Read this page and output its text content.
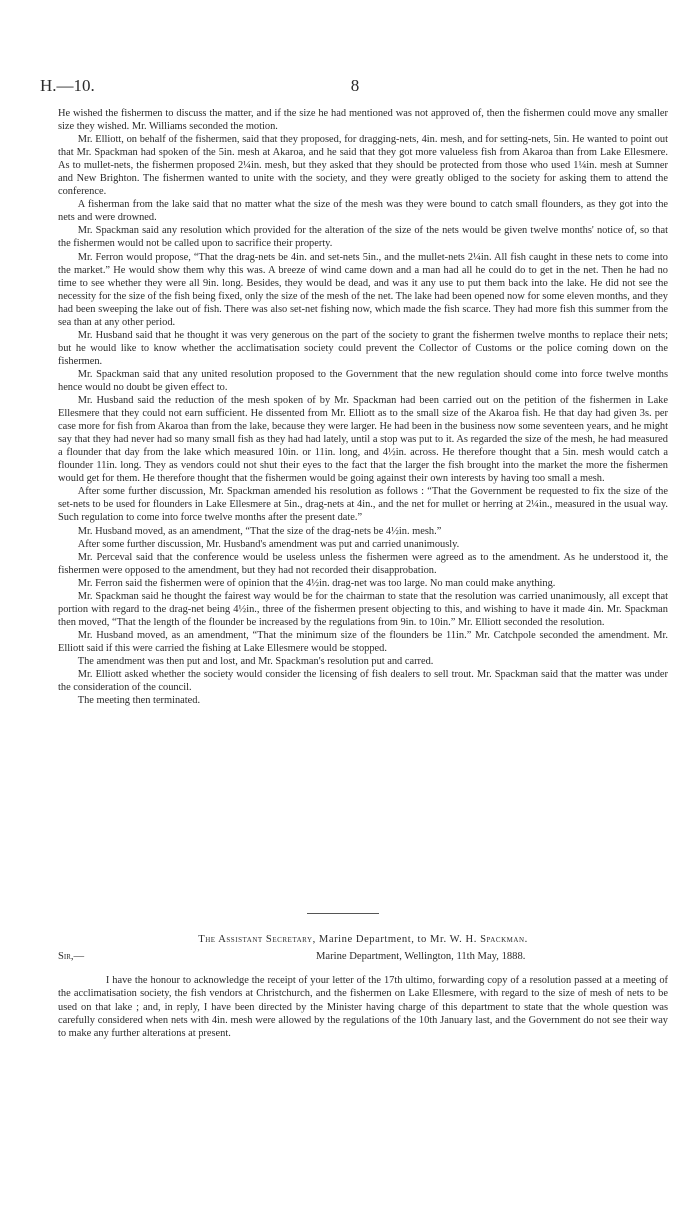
H.—10.	8

He wished the fishermen to discuss the matter, and if the size he had mentioned was not approved of, then the fishermen could move any smaller size they wished. Mr. Williams seconded the motion.

Mr. Elliott, on behalf of the fishermen, said that they proposed, for dragging-nets, 4in. mesh, and for setting-nets, 5in. He wanted to point out that Mr. Spackman had spoken of the 5in. mesh at Akaroa, and he said that they got more valueless fish from Akaroa than from Lake Ellesmere. As to mullet-nets, the fishermen proposed 2¼in. mesh, but they asked that they should be protected from those who used 1¼in. mesh at Sumner and New Brighton. The fishermen wanted to unite with the society, and they were greatly obliged to the society for asking them to attend the conference.

A fisherman from the lake said that no matter what the size of the mesh was they were bound to catch small flounders, as they got into the nets and were drowned.

Mr. Spackman said any resolution which provided for the alteration of the size of the nets would be given twelve months' notice of, so that the fishermen would not be called upon to sacrifice their property.

Mr. Ferron would propose, “That the drag-nets be 4in. and set-nets 5in., and the mullet-nets 2¼in. All fish caught in these nets to come into the market.” He would show them why this was. A breeze of wind came down and a man had all he could do to get in the net. Then he had no time to see whether they were all 9in. long. Besides, they would be dead, and was it any use to put them back into the lake. He did not see the necessity for the size of the fish being fixed, only the size of the mesh of the net. The lake had been opened now for some eleven months, and they had been sweeping the lake out of fish. There was also set-net fishing now, which made the fish scarce. They had more fish this summer from the sea than at any other period.

Mr. Husband said that he thought it was very generous on the part of the society to grant the fishermen twelve months to replace their nets; but he would like to know whether the acclimatisation society could prevent the Collector of Customs or the police coming down on the fishermen.

Mr. Spackman said that any united resolution proposed to the Government that the new regulation should come into force twelve months hence would no doubt be given effect to.

Mr. Husband said the reduction of the mesh spoken of by Mr. Spackman had been carried out on the petition of the fishermen in Lake Ellesmere that they could not earn sufficient. He dissented from Mr. Elliott as to the small size of the Akaroa fish. He that day had given 3s. per case more for fish from Akaroa than from the lake, because they were larger. He had been in the business now some seventeen years, and he might say that they had never had so many small fish as they had had lately, until a stop was put to it. As regarded the size of the mesh, he had measured a flounder that day from the lake which measured 10in. or 11in. long, and 4½in. across. He therefore thought that a 5in. mesh would catch a flounder 11in. long. They as vendors could not shut their eyes to the fact that the larger the fish brought into the market the more the fishermen would get for them. He therefore thought that the fishermen would be going against their own interests by having too small a mesh.

After some further discussion, Mr. Spackman amended his resolution as follows : “That the Government be requested to fix the size of the set-nets to be used for flounders in Lake Ellesmere at 5in., drag-nets at 4in., and the net for mullet or herring at 2¼in., measured in the usual way. Such regulation to come into force twelve months after the present date.”

Mr. Husband moved, as an amendment, “That the size of the drag-nets be 4½in. mesh.”

After some further discussion, Mr. Husband's amendment was put and carried unanimously.

Mr. Perceval said that the conference would be useless unless the fishermen were agreed as to the amendment. As he understood it, the fishermen were opposed to the amendment, but they had not recorded their disapprobation.

Mr. Ferron said the fishermen were of opinion that the 4½in. drag-net was too large. No man could make anything.

Mr. Spackman said he thought the fairest way would be for the chairman to state that the resolution was carried unanimously, all except that portion with regard to the drag-net being 4½in., three of the fishermen present objecting to this, and wishing to have it made 4in. Mr. Spackman then moved, “That the length of the flounder be increased by the regulations from 9in. to 10in.” Mr. Elliott seconded the resolution.

Mr. Husband moved, as an amendment, “That the minimum size of the flounders be 11in.” Mr. Catchpole seconded the amendment. Mr. Elliott said if this were carried the fishing at Lake Ellesmere would be stopped.

The amendment was then put and lost, and Mr. Spackman's resolution put and carred.

Mr. Elliott asked whether the society would consider the licensing of fish dealers to sell trout. Mr. Spackman said that the matter was under the consideration of the council.

The meeting then terminated.

The Assistant Secretary, Marine Department, to Mr. W. H. Spackman.
Sir,—	Marine Department, Wellington, 11th May, 1888.

I have the honour to acknowledge the receipt of your letter of the 17th ultimo, forwarding copy of a resolution passed at a meeting of the acclimatisation society, the fish vendors at Christchurch, and the fishermen on Lake Ellesmere, with regard to the size of mesh of nets to be used on that lake ; and, in reply, I have been directed by the Minister having charge of this department to state that the whole question was carefully considered when nets with 4in. mesh were allowed by the regulations of the 10th January last, and the Government do not see their way to make any further alterations at present.
